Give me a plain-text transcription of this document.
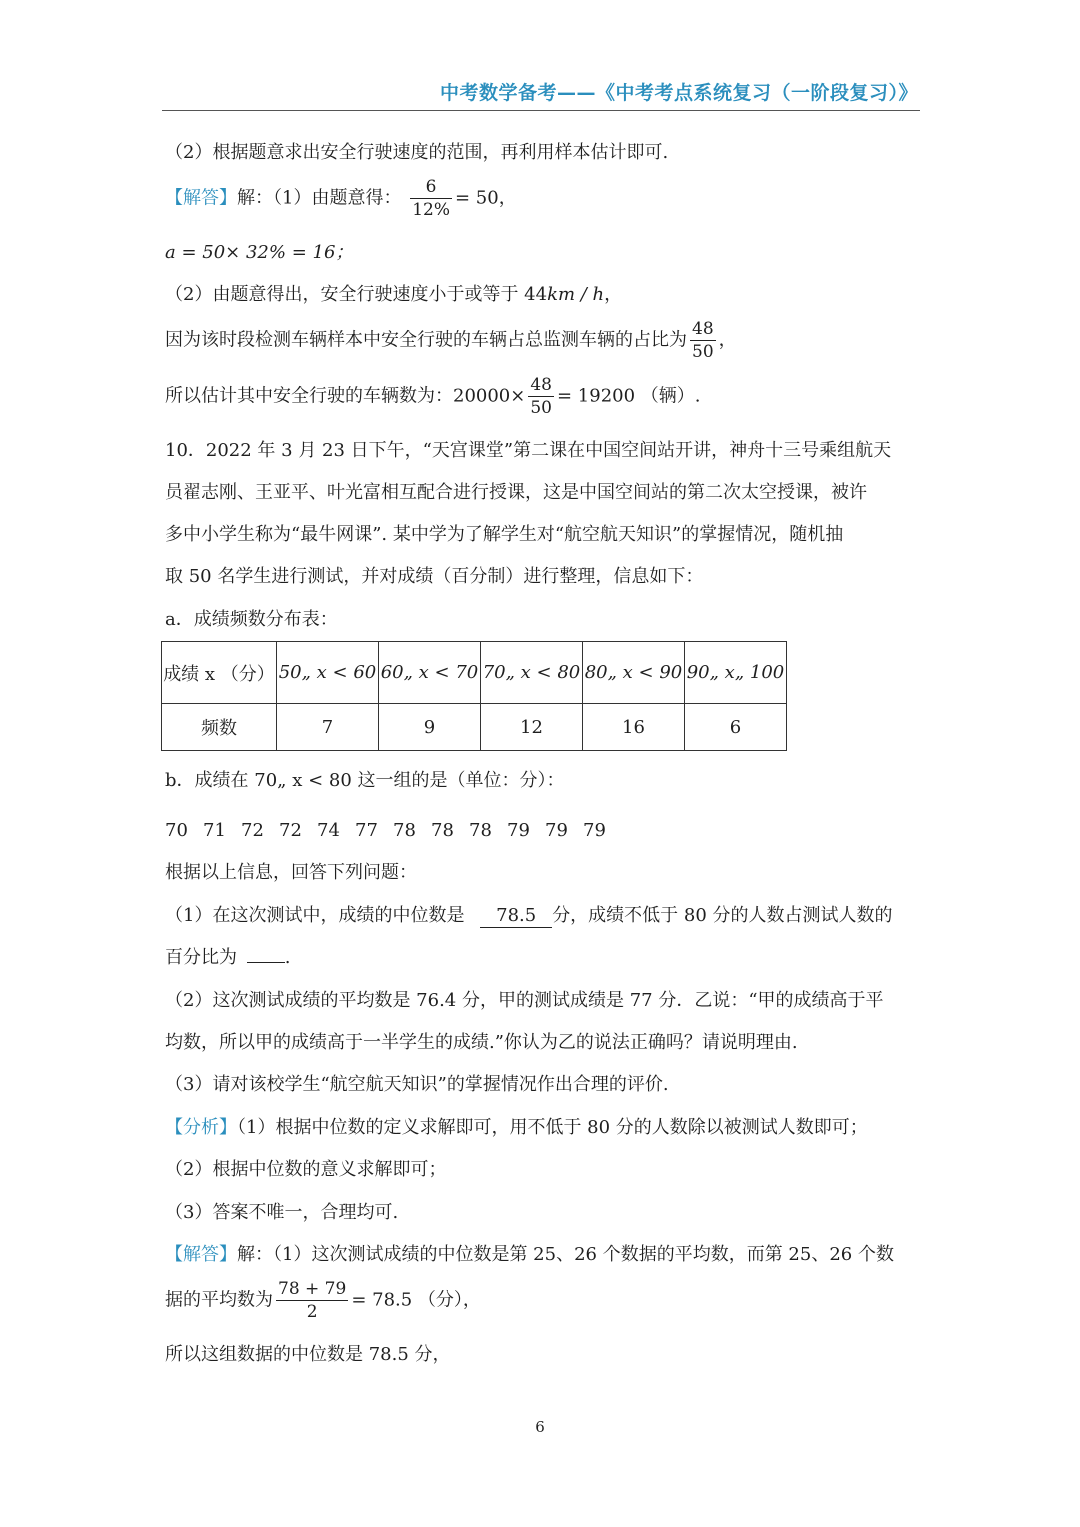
中考数学备考——《中考考点系统复习（一阶段复习）》
（2）根据题意求出安全行驶速度的范围，再利用样本估计即可.
【解答】解：（1）由题意得： $\frac{6}{12\%} = 50$，
a = 50× 32% = 16；
（2）由题意得出，安全行驶速度小于或等于 44km / h，
因为该时段检测车辆样本中安全行驶的车辆占总监测车辆的占比为 $\frac{48}{50}$ ，
所以估计其中安全行驶的车辆数为：$20000\times \frac{48}{50} = 19200$ （辆）.
10．2022 年 3 月 23 日下午，“天宫课堂”第二课在中国空间站开讲，神舟十三号乘组航天
员翟志刚、王亚平、叶光富相互配合进行授课，这是中国空间站的第二次太空授课，被许
多中小学生称为“最牛网课”. 某中学为了解学生对“航空航天知识”的掌握情况，随机抽
取 50 名学生进行测试，并对成绩（百分制）进行整理，信息如下：
a．成绩频数分布表：
成绩 x （分）	50„ x < 60	60„ x < 70	70„ x < 80	80„ x < 90	90„ x„ 100
频数	7	9	12	16	6
b．成绩在 70„ x < 80 这一组的是（单位：分）：
70 71 72 72 74 77 78 78 78 79 79 79
根据以上信息，回答下列问题：
（1）在这次测试中，成绩的中位数是 78.5 分，成绩不低于 80 分的人数占测试人数的
百分比为	.
（2）这次测试成绩的平均数是 76.4 分，甲的测试成绩是 77 分．乙说：“甲的成绩高于平
均数，所以甲的成绩高于一半学生的成绩.”你认为乙的说法正确吗？请说明理由.
（3）请对该校学生“航空航天知识”的掌握情况作出合理的评价.
【分析】（1）根据中位数的定义求解即可，用不低于 80 分的人数除以被测试人数即可；
（2）根据中位数的意义求解即可；
（3）答案不唯一，合理均可.
【解答】解：（1）这次测试成绩的中位数是第 25、26 个数据的平均数，而第 25、26 个数
据的平均数为 $\frac{78 + 79}{2} = 78.5$ （分），
所以这组数据的中位数是 78.5 分，
6
